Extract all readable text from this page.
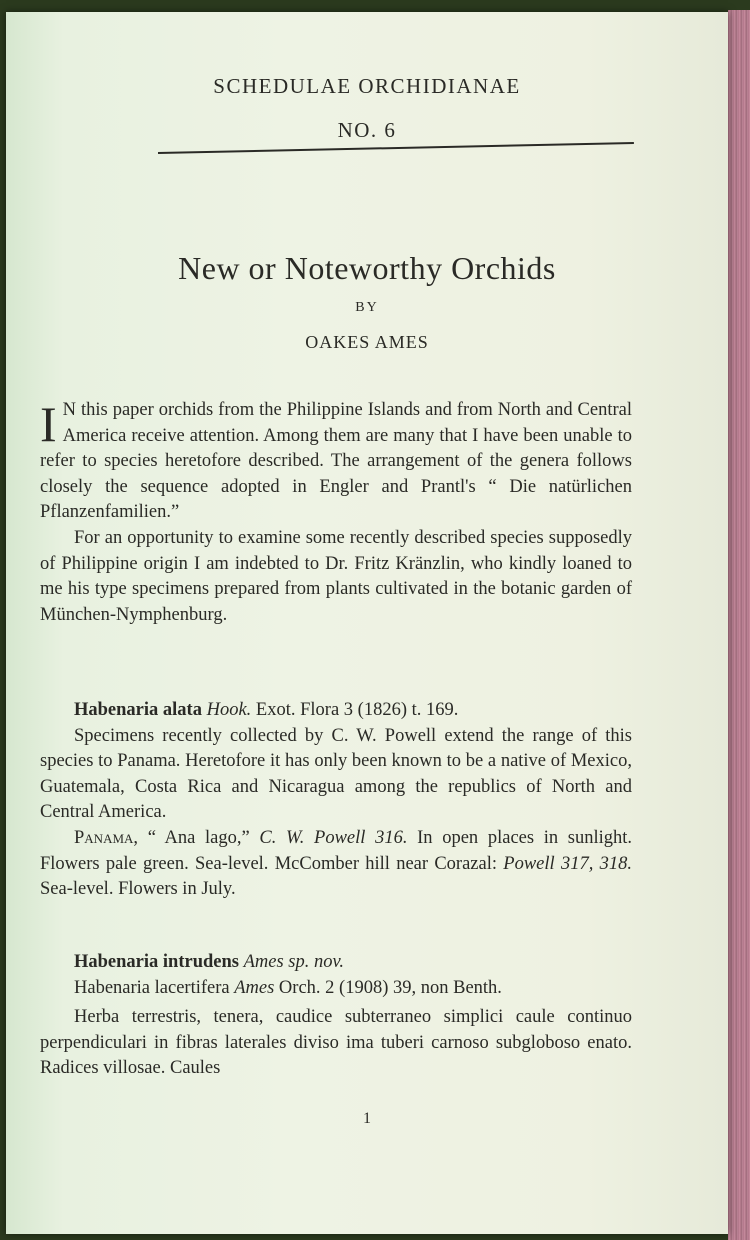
SCHEDULAE ORCHIDIANAE
NO. 6
New or Noteworthy Orchids
BY
OAKES AMES

I N this paper orchids from the Philippine Islands and from North and Central America receive attention. Among them are many that I have been unable to refer to species heretofore described. The arrangement of the genera follows closely the sequence adopted in Engler and Prantl's “ Die natürlichen Pflanzenfamilien.”

For an opportunity to examine some recently described species supposedly of Philippine origin I am indebted to Dr. Fritz Kränzlin, who kindly loaned to me his type specimens prepared from plants cultivated in the botanic garden of München-Nymphenburg.

Habenaria alata Hook. Exot. Flora 3 (1826) t. 169.

Specimens recently collected by C. W. Powell extend the range of this species to Panama. Heretofore it has only been known to be a native of Mexico, Guatemala, Costa Rica and Nicaragua among the republics of North and Central America.

Panama, “ Ana lago,” C. W. Powell 316. In open places in sunlight. Flowers pale green. Sea-level. McComber hill near Corazal: Powell 317, 318. Sea-level. Flowers in July.

Habenaria intrudens Ames sp. nov.

Habenaria lacertifera Ames Orch. 2 (1908) 39, non Benth.

Herba terrestris, tenera, caudice subterraneo simplici caule continuo perpendiculari in fibras laterales diviso ima tuberi carnoso subgloboso enato. Radices villosae. Caules

1
